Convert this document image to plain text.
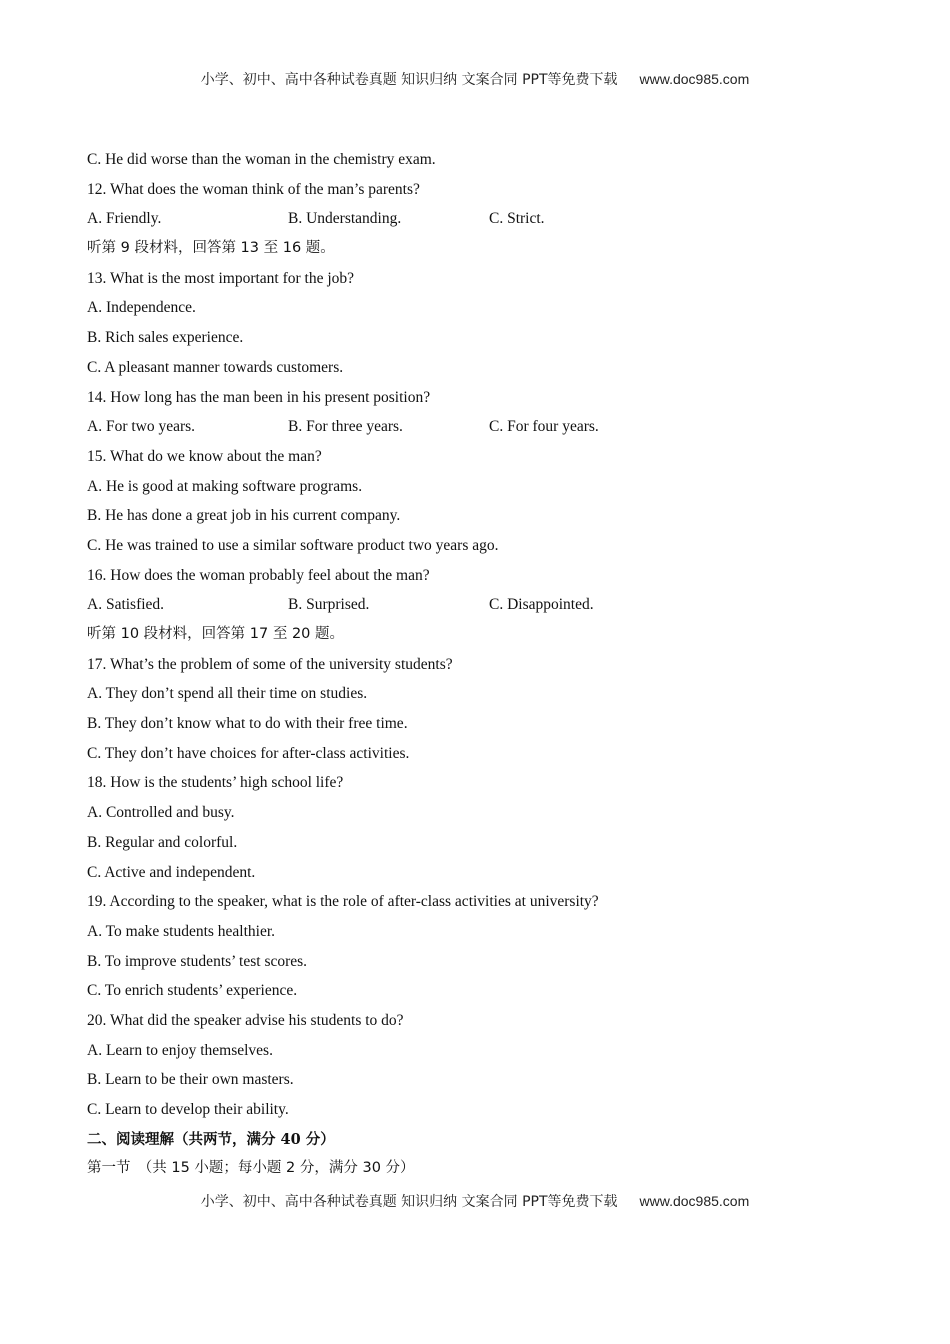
小学、初中、高中各种试卷真题 知识归纳 文案合同 PPT等免费下载 www.doc985.com
C. He did worse than the woman in the chemistry exam.
12. What does the woman think of the man’s parents?
A. Friendly.	B. Understanding.	C. Strict.
听第 9 段材料，回答第 13 至 16 题。
13. What is the most important for the job?
A. Independence.
B. Rich sales experience.
C. A pleasant manner towards customers.
14. How long has the man been in his present position?
A. For two years.	B. For three years.	C. For four years.
15. What do we know about the man?
A. He is good at making software programs.
B. He has done a great job in his current company.
C. He was trained to use a similar software product two years ago.
16. How does the woman probably feel about the man?
A. Satisfied.	B. Surprised.	C. Disappointed.
听第 10 段材料，回答第 17 至 20 题。
17. What’s the problem of some of the university students?
A. They don’t spend all their time on studies.
B. They don’t know what to do with their free time.
C. They don’t have choices for after-class activities.
18. How is the students’ high school life?
A. Controlled and busy.
B. Regular and colorful.
C. Active and independent.
19. According to the speaker, what is the role of after-class activities at university?
A. To make students healthier.
B. To improve students’ test scores.
C. To enrich students’ experience.
20. What did the speaker advise his students to do?
A. Learn to enjoy themselves.
B. Learn to be their own masters.
C. Learn to develop their ability.
二、阅读理解（共两节，满分 40 分）
第一节　（共 15 小题；每小题 2 分，满分 30 分）
小学、初中、高中各种试卷真题 知识归纳 文案合同 PPT等免费下载 www.doc985.com
